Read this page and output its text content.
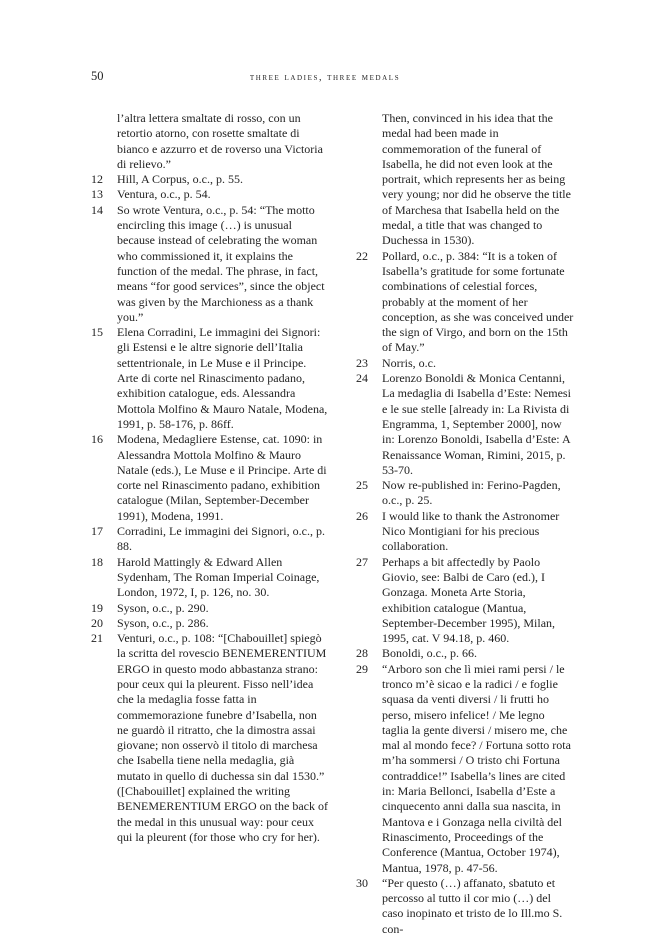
50	three ladies, three medals

l’altra lettera smaltate di rosso, con un retortio atorno, con rosette smaltate di bianco e azzurro et de roverso una Victoria di relievo.”

12	Hill, A Corpus, o.c., p. 55.

13	Ventura, o.c., p. 54.

14	So wrote Ventura, o.c., p. 54: “The motto encircling this image (…) is unusual because instead of celebrating the woman who commissioned it, it explains the function of the medal. The phrase, in fact, means “for good services”, since the object was given by the Marchioness as a thank you.”

15	Elena Corradini, Le immagini dei Signori: gli Estensi e le altre signorie dell’Italia settentrionale, in Le Muse e il Principe. Arte di corte nel Rinascimento padano, exhibition catalogue, eds. Alessandra Mottola Molfino & Mauro Natale, Modena, 1991, p. 58-176, p. 86ff.

16	Modena, Medagliere Estense, cat. 1090: in Alessandra Mottola Molfino & Mauro Natale (eds.), Le Muse e il Principe. Arte di corte nel Rinascimento padano, exhibition catalogue (Milan, September-December 1991), Modena, 1991.

17	Corradini, Le immagini dei Signori, o.c., p. 88.

18	Harold Mattingly & Edward Allen Sydenham, The Roman Imperial Coinage, London, 1972, I, p. 126, no. 30.

19	Syson, o.c., p. 290.

20	Syson, o.c., p. 286.

21	Venturi, o.c., p. 108: “[Chabouillet] spiegò la scritta del rovescio BENEMERENTIUM ERGO in questo modo abbastanza strano: pour ceux qui la pleurent. Fisso nell’idea che la medaglia fosse fatta in commemorazione funebre d’Isabella, non ne guardò il ritratto, che la dimostra assai giovane; non osservò il titolo di marchesa che Isabella tiene nella medaglia, già mutato in quello di duchessa sin dal 1530.” ([Chabouillet] explained the writing BENEMERENTIUM ERGO on the back of the medal in this unusual way: pour ceux qui la pleurent (for those who cry for her).

Then, convinced in his idea that the medal had been made in commemoration of the funeral of Isabella, he did not even look at the portrait, which represents her as being very young; nor did he observe the title of Marchesa that Isabella held on the medal, a title that was changed to Duchessa in 1530).

22	Pollard, o.c., p. 384: “It is a token of Isabella’s gratitude for some fortunate combinations of celestial forces, probably at the moment of her conception, as she was conceived under the sign of Virgo, and born on the 15th of May.”

23	Norris, o.c.

24	Lorenzo Bonoldi & Monica Centanni, La medaglia di Isabella d’Este: Nemesi e le sue stelle [already in: La Rivista di Engramma, 1, September 2000], now in: Lorenzo Bonoldi, Isabella d’Este: A Renaissance Woman, Rimini, 2015, p. 53-70.

25	Now re-published in: Ferino-Pagden, o.c., p. 25.

26	I would like to thank the Astronomer Nico Montigiani for his precious collaboration.

27	Perhaps a bit affectedly by Paolo Giovio, see: Balbi de Caro (ed.), I Gonzaga. Moneta Arte Storia, exhibition catalogue (Mantua, September-December 1995), Milan, 1995, cat. V 94.18, p. 460.

28	Bonoldi, o.c., p. 66.

29	“Arboro son che lì miei rami persi / le tronco m’è sicao e la radici / e foglie squasa da venti diversi / li frutti ho perso, misero infelice! / Me legno taglia la gente diversi / misero me, che mal al mondo fece? / Fortuna sotto rota m’ha sommersi / O tristo chi Fortuna contraddice!” Isabella’s lines are cited in: Maria Bellonci, Isabella d’Este a cinquecento anni dalla sua nascita, in Mantova e i Gonzaga nella civiltà del Rinascimento, Proceedings of the Conference (Mantua, October 1974), Mantua, 1978, p. 47-56.

30	“Per questo (…) affanato, sbatuto et percosso al tutto il cor mio (…) del caso inopinato et tristo de lo Ill.mo S. con-
